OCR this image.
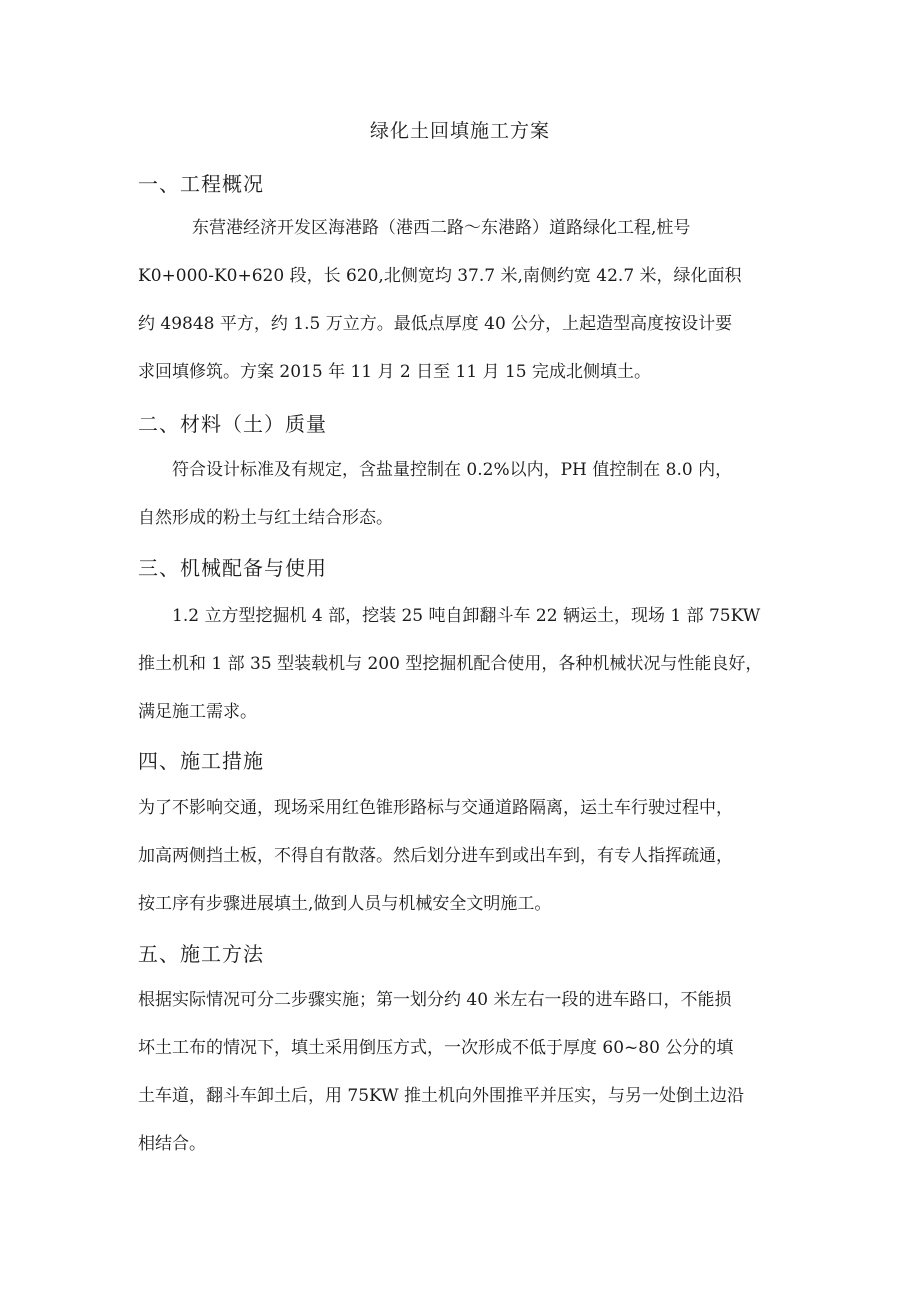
绿化土回填施工方案
一、工程概况
东营港经济开发区海港路（港西二路～东港路）道路绿化工程,桩号
K0+000-K0+620 段，长 620,北侧宽均 37.7 米,南侧约宽 42.7 米，绿化面积
约 49848 平方，约 1.5 万立方。最低点厚度 40 公分，上起造型高度按设计要
求回填修筑。方案 2015 年 11 月 2 日至 11 月 15 完成北侧填土。
二、材料（土）质量
符合设计标准及有规定，含盐量控制在 0.2%以内，PH 值控制在 8.0 内，
自然形成的粉土与红土结合形态。
三、机械配备与使用
1.2 立方型挖掘机 4 部，挖装 25 吨自卸翻斗车 22 辆运土，现场 1 部 75KW
推土机和 1 部 35 型装载机与 200 型挖掘机配合使用，各种机械状况与性能良好，
满足施工需求。
四、施工措施
为了不影响交通，现场采用红色锥形路标与交通道路隔离，运土车行驶过程中，
加高两侧挡土板，不得自有散落。然后划分进车到或出车到，有专人指挥疏通，
按工序有步骤进展填土,做到人员与机械安全文明施工。
五、施工方法
根据实际情况可分二步骤实施；第一划分约 40 米左右一段的进车路口，不能损
坏土工布的情况下，填土采用倒压方式，一次形成不低于厚度 60~80 公分的填
土车道，翻斗车卸土后，用 75KW 推土机向外围推平并压实，与另一处倒土边沿
相结合。
